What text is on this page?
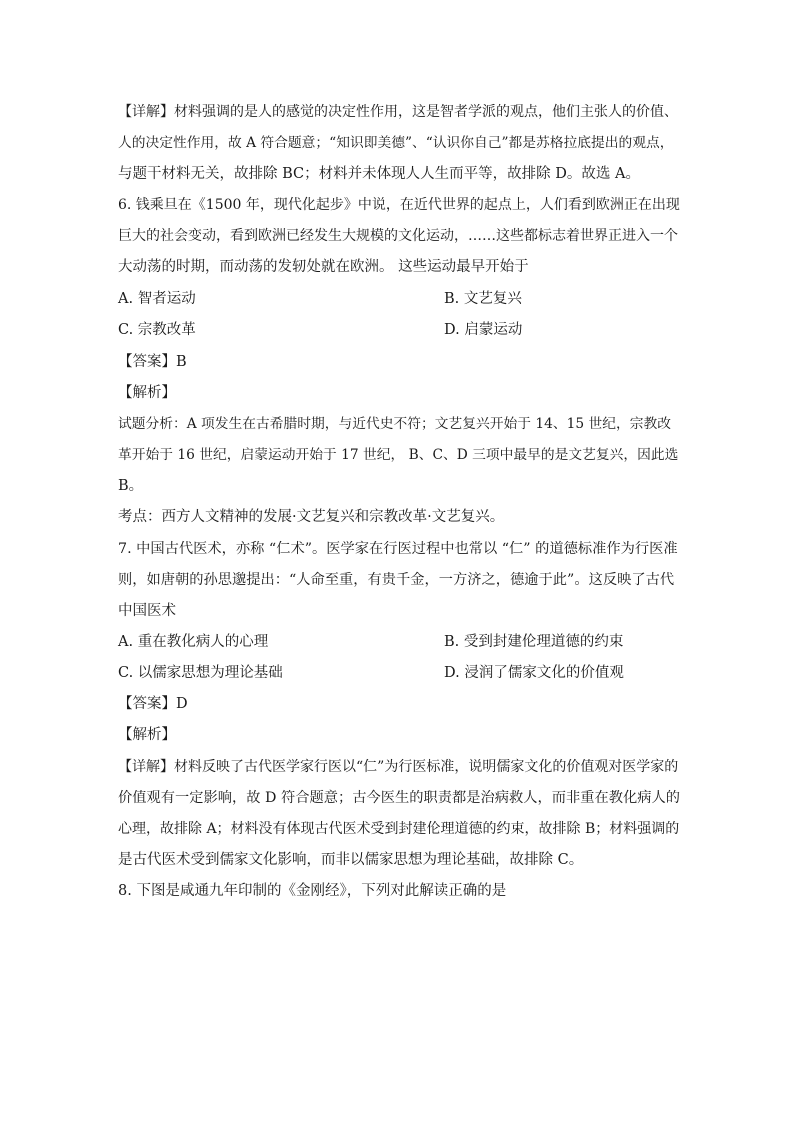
【详解】材料强调的是人的感觉的决定性作用，这是智者学派的观点，他们主张人的价值、
人的决定性作用，故 A 符合题意；“知识即美德”、“认识你自己”都是苏格拉底提出的观点，
与题干材料无关，故排除 BC；材料并未体现人人生而平等，故排除 D。故选 A。
6. 钱乘旦在《1500 年，现代化起步》中说，在近代世界的起点上，人们看到欧洲正在出现
巨大的社会变动，看到欧洲已经发生大规模的文化运动，……这些都标志着世界正进入一个
大动荡的时期，而动荡的发轫处就在欧洲。 这些运动最早开始于
A. 智者运动	B. 文艺复兴
C. 宗教改革	D. 启蒙运动
【答案】B
【解析】
试题分析：A 项发生在古希腊时期，与近代史不符；文艺复兴开始于 14、15 世纪，宗教改
革开始于 16 世纪，启蒙运动开始于 17 世纪， B、C、D 三项中最早的是文艺复兴，因此选
B。
考点：西方人文精神的发展·文艺复兴和宗教改革·文艺复兴。
7. 中国古代医术，亦称 “仁术”。医学家在行医过程中也常以 “仁” 的道德标准作为行医准
则，如唐朝的孙思邈提出：“人命至重，有贵千金，一方济之，德逾于此”。这反映了古代
中国医术
A. 重在教化病人的心理	B. 受到封建伦理道德的约束
C. 以儒家思想为理论基础	D. 浸润了儒家文化的价值观
【答案】D
【解析】
【详解】材料反映了古代医学家行医以“仁”为行医标准，说明儒家文化的价值观对医学家的
价值观有一定影响，故 D 符合题意；古今医生的职责都是治病救人，而非重在教化病人的
心理，故排除 A；材料没有体现古代医术受到封建伦理道德的约束，故排除 B；材料强调的
是古代医术受到儒家文化影响，而非以儒家思想为理论基础，故排除 C。
8. 下图是咸通九年印制的《金刚经》，下列对此解读正确的是
